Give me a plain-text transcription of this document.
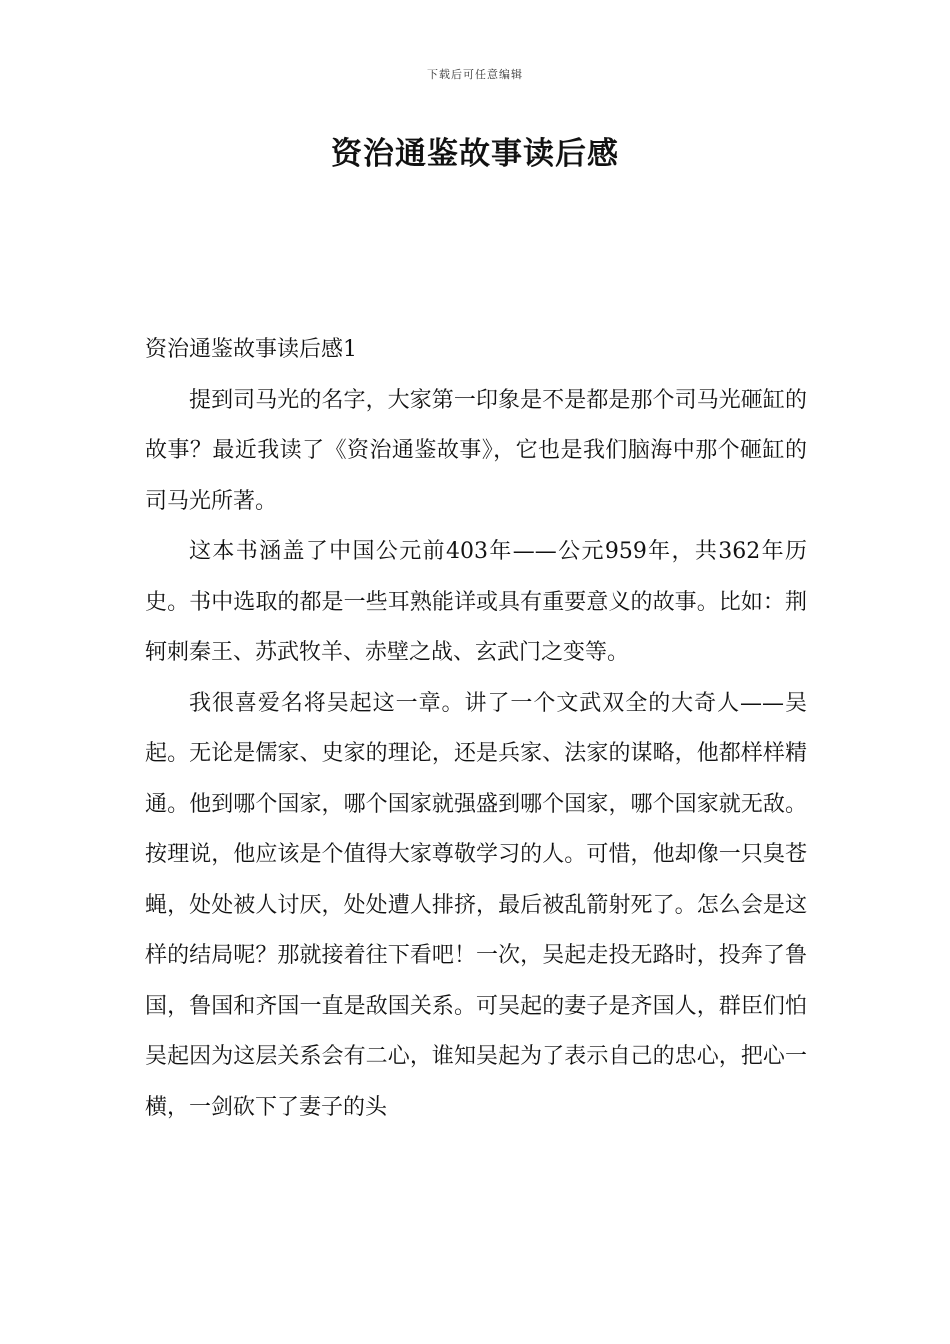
下载后可任意编辑
资治通鉴故事读后感

资治通鉴故事读后感1

提到司马光的名字，大家第一印象是不是都是那个司马光砸缸的故事？最近我读了《资治通鉴故事》，它也是我们脑海中那个砸缸的司马光所著。

这本书涵盖了中国公元前403年——公元959年，共362年历史。书中选取的都是一些耳熟能详或具有重要意义的故事。比如：荆轲刺秦王、苏武牧羊、赤壁之战、玄武门之变等。

我很喜爱名将吴起这一章。讲了一个文武双全的大奇人——吴起。无论是儒家、史家的理论，还是兵家、法家的谋略，他都样样精通。他到哪个国家，哪个国家就强盛到哪个国家，哪个国家就无敌。按理说，他应该是个值得大家尊敬学习的人。可惜，他却像一只臭苍蝇，处处被人讨厌，处处遭人排挤，最后被乱箭射死了。怎么会是这样的结局呢？那就接着往下看吧！一次，吴起走投无路时，投奔了鲁国，鲁国和齐国一直是敌国关系。可吴起的妻子是齐国人，群臣们怕吴起因为这层关系会有二心，谁知吴起为了表示自己的忠心，把心一横，一剑砍下了妻子的头
